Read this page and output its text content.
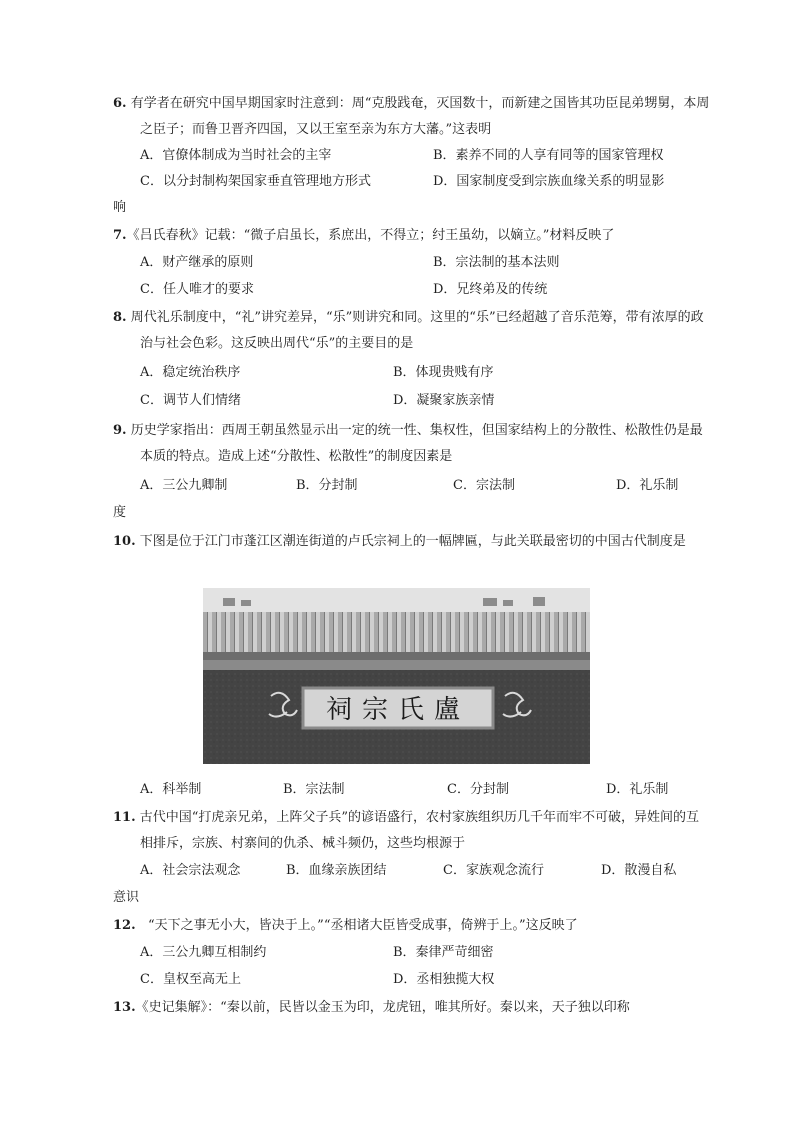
6. 有学者在研究中国早期国家时注意到：周“克殷践奄，灭国数十，而新建之国皆其功臣昆弟甥舅，本周之臣子；而鲁卫晋齐四国，又以王室至亲为东方大藩。”这表明

A．官僚体制成为当时社会的主宰	B．素养不同的人享有同等的国家管理权
C．以分封制构架国家垂直管理地方形式	D．国家制度受到宗族血缘关系的明显影
响

7.《吕氏春秋》记载：“微子启虽长，系庶出，不得立；纣王虽幼，以嫡立。”材料反映了

A．财产继承的原则	B．宗法制的基本法则
C．任人唯才的要求	D．兄终弟及的传统

8. 周代礼乐制度中，“礼”讲究差异，“乐”则讲究和同。这里的“乐”已经超越了音乐范筹，带有浓厚的政治与社会色彩。这反映出周代“乐”的主要目的是

A．稳定统治秩序	B．体现贵贱有序
C．调节人们情绪	D．凝聚家族亲情

9. 历史学家指出：西周王朝虽然显示出一定的统一性、集权性，但国家结构上的分散性、松散性仍是最本质的特点。造成上述“分散性、松散性”的制度因素是

A．三公九卿制	B．分封制	C．宗法制	D．礼乐制
度

10. 下图是位于江门市蓬江区潮连街道的卢氏宗祠上的一幅牌匾，与此关联最密切的中国古代制度是

盧氏宗祠
A．科举制	B．宗法制	C．分封制	D．礼乐制

11. 古代中国“打虎亲兄弟，上阵父子兵”的谚语盛行，农村家族组织历几千年而牢不可破，异姓间的互相排斥，宗族、村寨间的仇杀、械斗频仍，这些均根源于

A．社会宗法观念	B．血缘亲族团结	C．家族观念流行	D．散漫自私
意识

12. “天下之事无小大，皆决于上。”“丞相诸大臣皆受成事，倚辨于上。”这反映了

A．三公九卿互相制约	B．秦律严苛细密
C．皇权至高无上	D．丞相独揽大权

13.《史记集解》：“秦以前，民皆以金玉为印，龙虎钮，唯其所好。秦以来，天子独以印称
